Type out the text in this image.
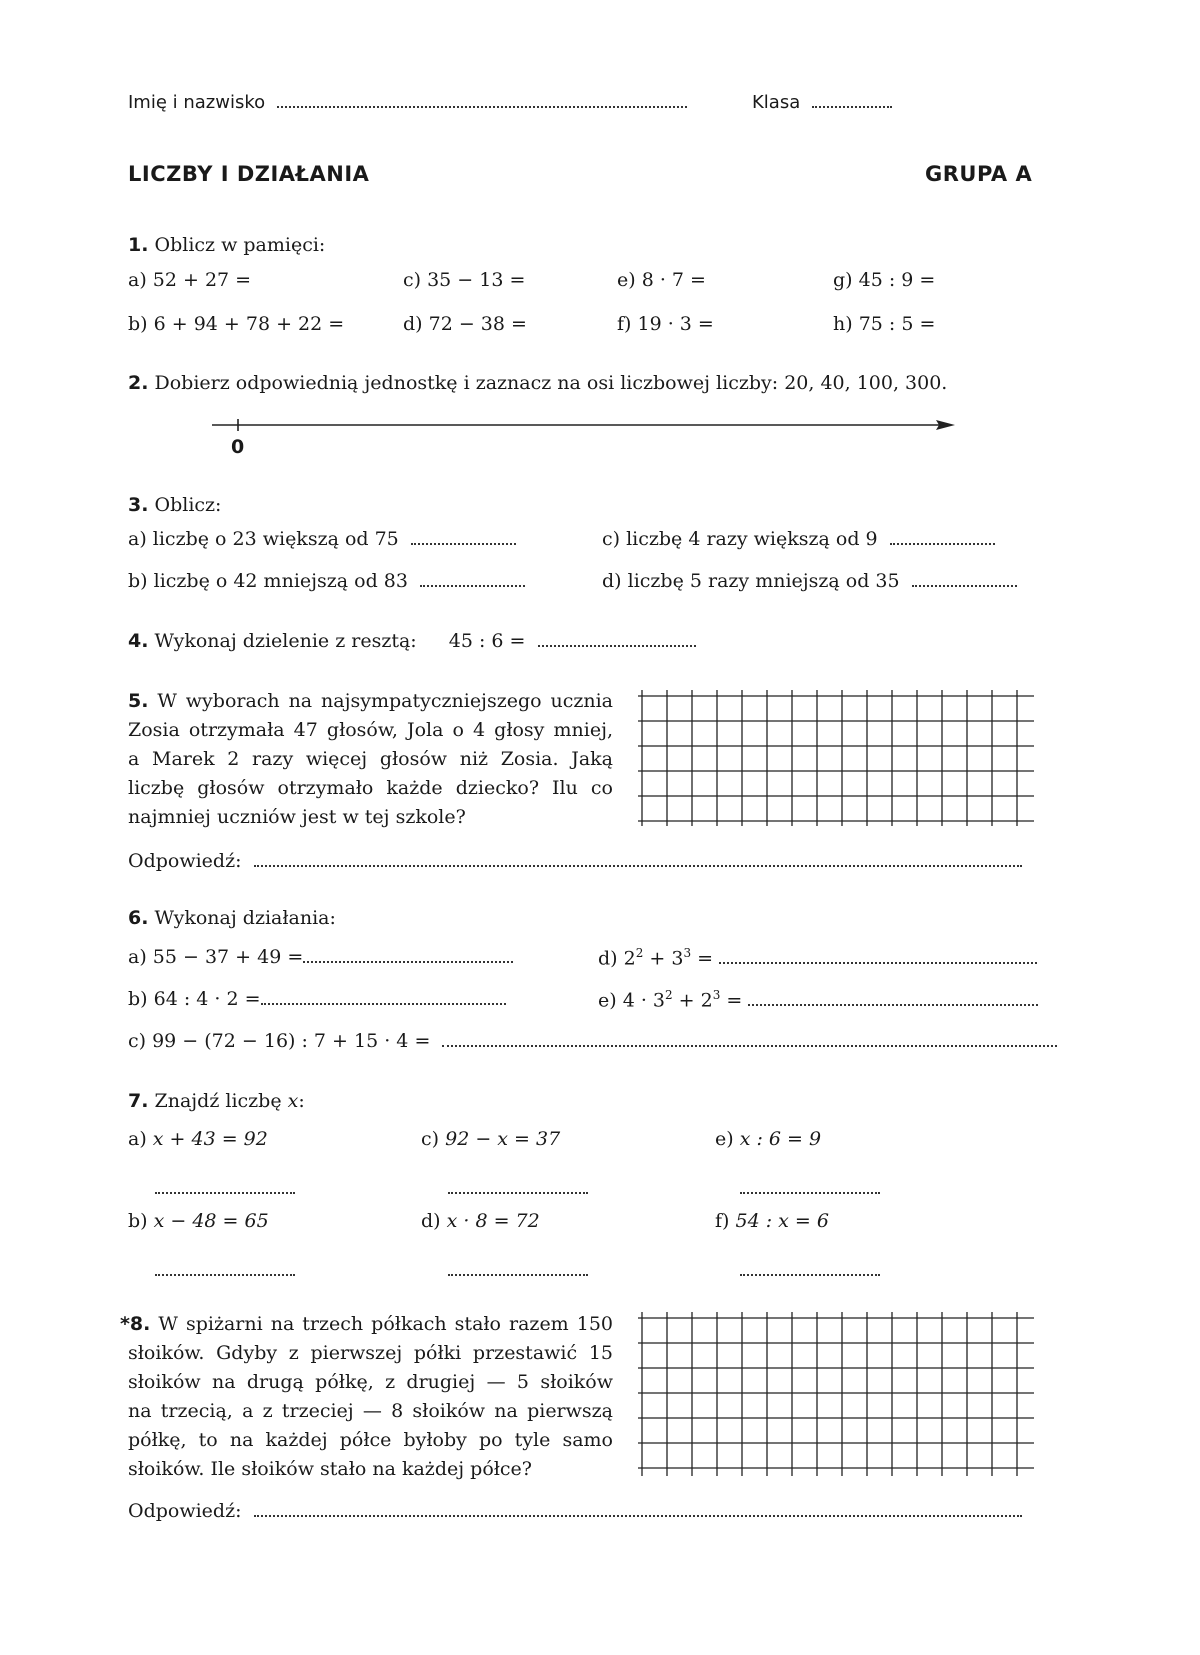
Imię i nazwisko	Klasa
LICZBY I DZIAŁANIA	GRUPA A
1. Oblicz w pamięci:
a) 52 + 27 =	c) 35 − 13 =	e) 8 · 7 =	g) 45 : 9 =
b) 6 + 94 + 78 + 22 =	d) 72 − 38 =	f) 19 · 3 =	h) 75 : 5 =
2. Dobierz odpowiednią jednostkę i zaznacz na osi liczbowej liczby: 20, 40, 100, 300.
0
3. Oblicz:
a) liczbę o 23 większą od 75	c) liczbę 4 razy większą od 9
b) liczbę o 42 mniejszą od 83	d) liczbę 5 razy mniejszą od 35
4. Wykonaj dzielenie z resztą: 45 : 6 =
5. W wyborach na najsympatyczniejszego ucznia
Zosia otrzymała 47 głosów, Jola o 4 głosy mniej,
a Marek 2 razy więcej głosów niż Zosia. Jaką
liczbę głosów otrzymało każde dziecko? Ilu co
najmniej uczniów jest w tej szkole?
Odpowiedź:
6. Wykonaj działania:
a) 55 − 37 + 49 =	d) $2^2 + 3^3$ =
b) 64 : 4 · 2 =	e) $4 \cdot 3^2 + 2^3$ =
c) 99 − (72 − 16) : 7 + 15 · 4 =
7. Znajdź liczbę x:
a) x + 43 = 92	c) 92 − x = 37	e) x : 6 = 9
b) x − 48 = 65	d) x · 8 = 72	f) 54 : x = 6
*8. W spiżarni na trzech półkach stało razem 150
słoików. Gdyby z pierwszej półki przestawić 15
słoików na drugą półkę, z drugiej — 5 słoików
na trzecią, a z trzeciej — 8 słoików na pierwszą
półkę, to na każdej półce byłoby po tyle samo
słoików. Ile słoików stało na każdej półce?
Odpowiedź:
